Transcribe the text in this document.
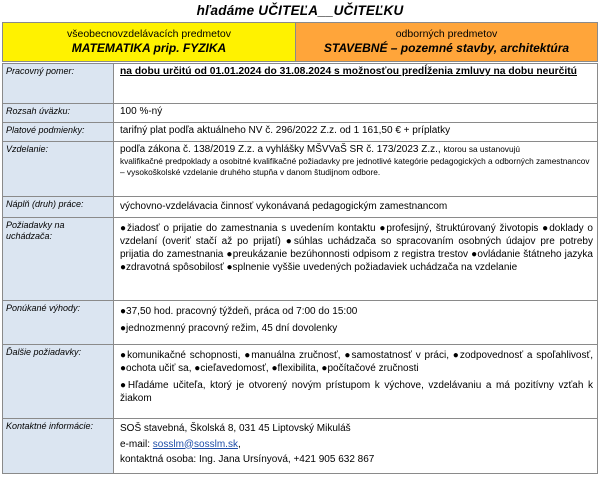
hľadáme UČITEĽA__UČITEĽKU
všeobecnovzdelávacích predmetov
MATEMATIKA prip. FYZIKA
odborných predmetov
STAVEBNÉ – pozemné stavby, architektúra
Pracovný pomer:	na dobu určitú od 01.01.2024 do 31.08.2024 s možnosťou predĺženia zmluvy na dobu neurčitú
Rozsah úväzku:	100 %-ný
Platové podmienky:	tarifný plat podľa aktuálneho NV č. 296/2022 Z.z. od 1 161,50 € + príplatky
Vzdelanie:	podľa zákona č. 138/2019 Z.z. a vyhlášky MŠVVaŠ SR č. 173/2023 Z.z., ktorou sa ustanovujú
kvalifikačné predpoklady a osobitné kvalifikačné požiadavky pre jednotlivé kategórie pedagogických a odborných zamestnancov – vysokoškolské vzdelanie druhého stupňa v danom študijnom odbore.

Náplň (druh) práce:	výchovno-vzdelávacia činnosť vykonávaná pedagogickým zamestnancom
Požiadavky na uchádzača:	●žiadosť o prijatie do zamestnania s uvedením kontaktu ●profesijný, štruktúrovaný životopis ●doklady o vzdelaní (overiť stačí až po prijatí) ●súhlas uchádzača so spracovaním osobných údajov pre potreby prijatia do zamestnania ●preukázanie bezúhonnosti odpisom z registra trestov ●ovládanie štátneho jazyka ●zdravotná spôsobilosť ●splnenie vyššie uvedených požiadaviek uchádzača na vzdelanie
Ponúkané výhody:	●37,50 hod. pracovný týždeň, práca od 7:00 do 15:00
●jednozmenný pracovný režim, 45 dní dovolenky

Ďalšie požiadavky:	●komunikačné schopnosti, ●manuálna zručnosť, ●samostatnosť v práci, ●zodpovednosť a spoľahlivosť, ●ochota učiť sa, ●cieľavedomosť, ●flexibilita, ●počítačové zručnosti
●Hľadáme učiteľa, ktorý je otvorený novým prístupom k výchove, vzdelávaniu a má pozitívny vzťah k žiakom

Kontaktné informácie:	SOŠ stavebná, Školská 8, 031 45 Liptovský Mikuláš
e-mail: sosslm@sosslm.sk,
kontaktná osoba: Ing. Jana Ursínyová, +421 905 632 867
